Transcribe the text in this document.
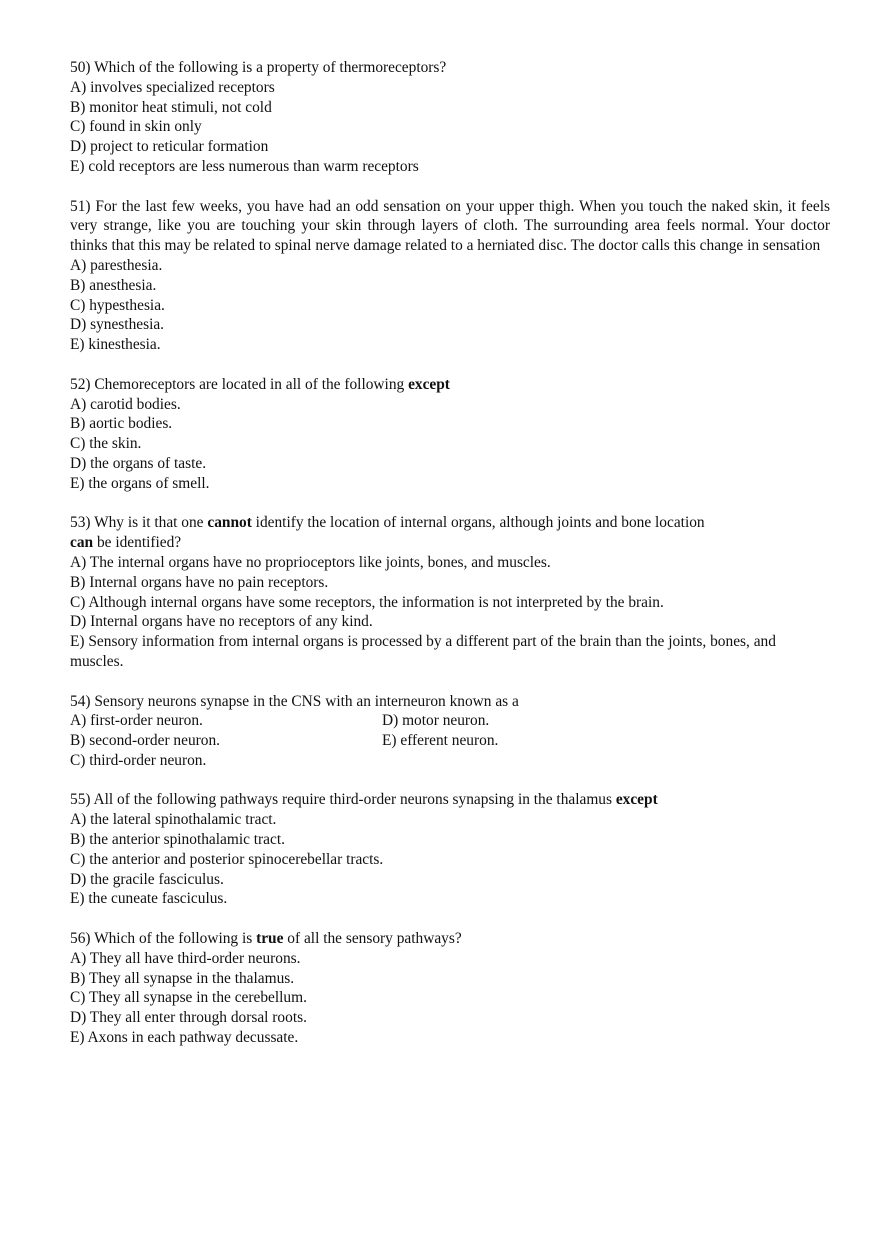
50) Which of the following is a property of thermoreceptors?
A) involves specialized receptors
B) monitor heat stimuli, not cold
C) found in skin only
D) project to reticular formation
E) cold receptors are less numerous than warm receptors
51) For the last few weeks, you have had an odd sensation on your upper thigh. When you touch the naked skin, it feels very strange, like you are touching your skin through layers of cloth. The surrounding area feels normal. Your doctor thinks that this may be related to spinal nerve damage related to a herniated disc. The doctor calls this change in sensation
A) paresthesia.
B) anesthesia.
C) hypesthesia.
D) synesthesia.
E) kinesthesia.
52) Chemoreceptors are located in all of the following except
A) carotid bodies.
B) aortic bodies.
C) the skin.
D) the organs of taste.
E) the organs of smell.
53) Why is it that one cannot identify the location of internal organs, although joints and bone location
can be identified?
A) The internal organs have no proprioceptors like joints, bones, and muscles.
B) Internal organs have no pain receptors.
C) Although internal organs have some receptors, the information is not interpreted by the brain.
D) Internal organs have no receptors of any kind.
E) Sensory information from internal organs is processed by a different part of the brain than the joints, bones, and muscles.
54) Sensory neurons synapse in the CNS with an interneuron known as a
A) first-order neuron.
B) second-order neuron.
C) third-order neuron.
D) motor neuron.
E) efferent neuron.
55) All of the following pathways require third-order neurons synapsing in the thalamus except
A) the lateral spinothalamic tract.
B) the anterior spinothalamic tract.
C) the anterior and posterior spinocerebellar tracts.
D) the gracile fasciculus.
E) the cuneate fasciculus.
56) Which of the following is true of all the sensory pathways?
A) They all have third-order neurons.
B) They all synapse in the thalamus.
C) They all synapse in the cerebellum.
D) They all enter through dorsal roots.
E) Axons in each pathway decussate.
